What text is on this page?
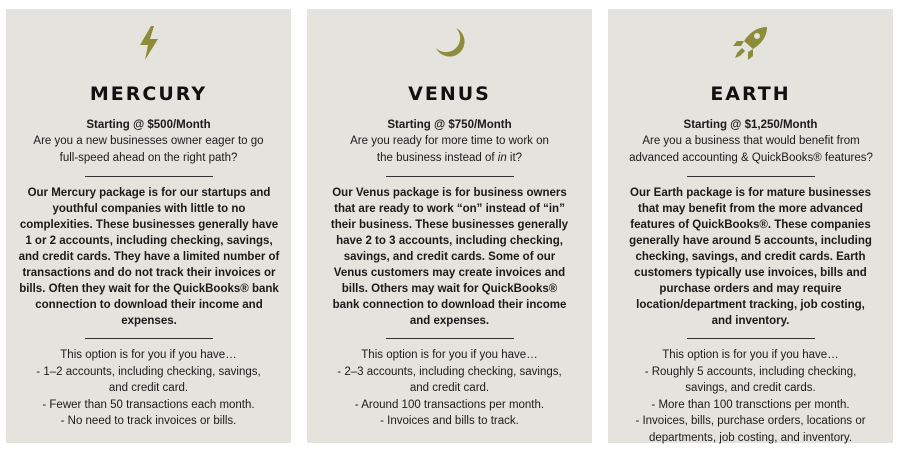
MERCURY
Starting @ $500/Month
Are you a new businesses owner eager to go full-speed ahead on the right path?
Our Mercury package is for our startups and youthful companies with little to no complexities. These businesses generally have 1 or 2 accounts, including checking, savings, and credit cards. They have a limited number of transactions and do not track their invoices or bills. Often they wait for the QuickBooks® bank connection to download their income and expenses.
This option is for you if you have…
- 1–2 accounts, including checking, savings, and credit card.
- Fewer than 50 transactions each month.
- No need to track invoices or bills.
VENUS
Starting @ $750/Month
Are you ready for more time to work on the business instead of in it?
Our Venus package is for business owners that are ready to work “on” instead of “in” their business. These businesses generally have 2 to 3 accounts, including checking, savings, and credit cards. Some of our Venus customers may create invoices and bills. Others may wait for QuickBooks® bank connection to download their income and expenses.
This option is for you if you have…
- 2–3 accounts, including checking, savings, and credit card.
- Around 100 transactions per month.
- Invoices and bills to track.
EARTH
Starting @ $1,250/Month
Are you a business that would benefit from advanced accounting & QuickBooks® features?
Our Earth package is for mature businesses that may benefit from the more advanced features of QuickBooks®. These companies generally have around 5 accounts, including checking, savings, and credit cards. Earth customers typically use invoices, bills and purchase orders and may require location/department tracking, job costing, and inventory.
This option is for you if you have…
- Roughly 5 accounts, including checking, savings, and credit cards.
- More than 100 transctions per month.
- Invoices, bills, purchase orders, locations or departments, job costing, and inventory.
